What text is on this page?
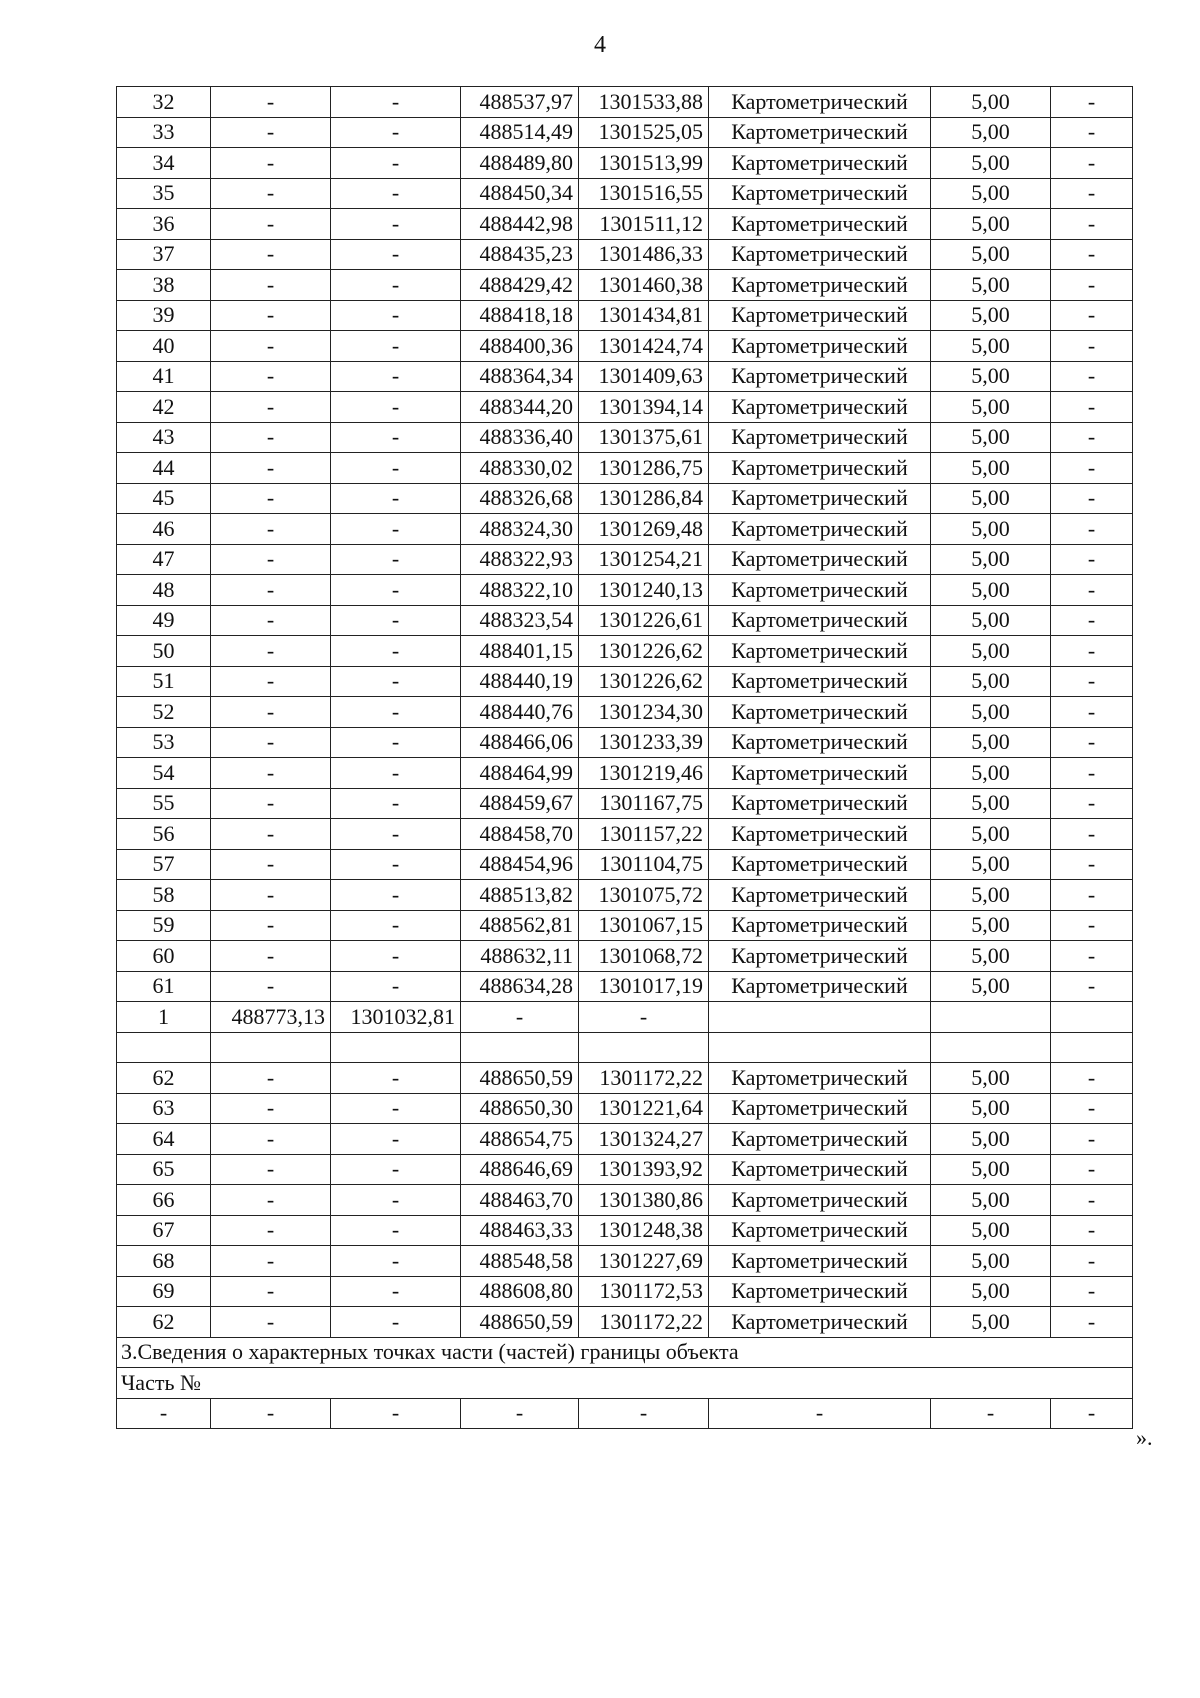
4
32	-	-	488537,97	1301533,88	Картометрический	5,00	-
33	-	-	488514,49	1301525,05	Картометрический	5,00	-
34	-	-	488489,80	1301513,99	Картометрический	5,00	-
35	-	-	488450,34	1301516,55	Картометрический	5,00	-
36	-	-	488442,98	1301511,12	Картометрический	5,00	-
37	-	-	488435,23	1301486,33	Картометрический	5,00	-
38	-	-	488429,42	1301460,38	Картометрический	5,00	-
39	-	-	488418,18	1301434,81	Картометрический	5,00	-
40	-	-	488400,36	1301424,74	Картометрический	5,00	-
41	-	-	488364,34	1301409,63	Картометрический	5,00	-
42	-	-	488344,20	1301394,14	Картометрический	5,00	-
43	-	-	488336,40	1301375,61	Картометрический	5,00	-
44	-	-	488330,02	1301286,75	Картометрический	5,00	-
45	-	-	488326,68	1301286,84	Картометрический	5,00	-
46	-	-	488324,30	1301269,48	Картометрический	5,00	-
47	-	-	488322,93	1301254,21	Картометрический	5,00	-
48	-	-	488322,10	1301240,13	Картометрический	5,00	-
49	-	-	488323,54	1301226,61	Картометрический	5,00	-
50	-	-	488401,15	1301226,62	Картометрический	5,00	-
51	-	-	488440,19	1301226,62	Картометрический	5,00	-
52	-	-	488440,76	1301234,30	Картометрический	5,00	-
53	-	-	488466,06	1301233,39	Картометрический	5,00	-
54	-	-	488464,99	1301219,46	Картометрический	5,00	-
55	-	-	488459,67	1301167,75	Картометрический	5,00	-
56	-	-	488458,70	1301157,22	Картометрический	5,00	-
57	-	-	488454,96	1301104,75	Картометрический	5,00	-
58	-	-	488513,82	1301075,72	Картометрический	5,00	-
59	-	-	488562,81	1301067,15	Картометрический	5,00	-
60	-	-	488632,11	1301068,72	Картометрический	5,00	-
61	-	-	488634,28	1301017,19	Картометрический	5,00	-
1	488773,13	1301032,81	-	-			

62	-	-	488650,59	1301172,22	Картометрический	5,00	-
63	-	-	488650,30	1301221,64	Картометрический	5,00	-
64	-	-	488654,75	1301324,27	Картометрический	5,00	-
65	-	-	488646,69	1301393,92	Картометрический	5,00	-
66	-	-	488463,70	1301380,86	Картометрический	5,00	-
67	-	-	488463,33	1301248,38	Картометрический	5,00	-
68	-	-	488548,58	1301227,69	Картометрический	5,00	-
69	-	-	488608,80	1301172,53	Картометрический	5,00	-
62	-	-	488650,59	1301172,22	Картометрический	5,00	-
3.Сведения о характерных точках части (частей) границы объекта							
Часть №							
-	-	-	-	-	-	-	-
».
